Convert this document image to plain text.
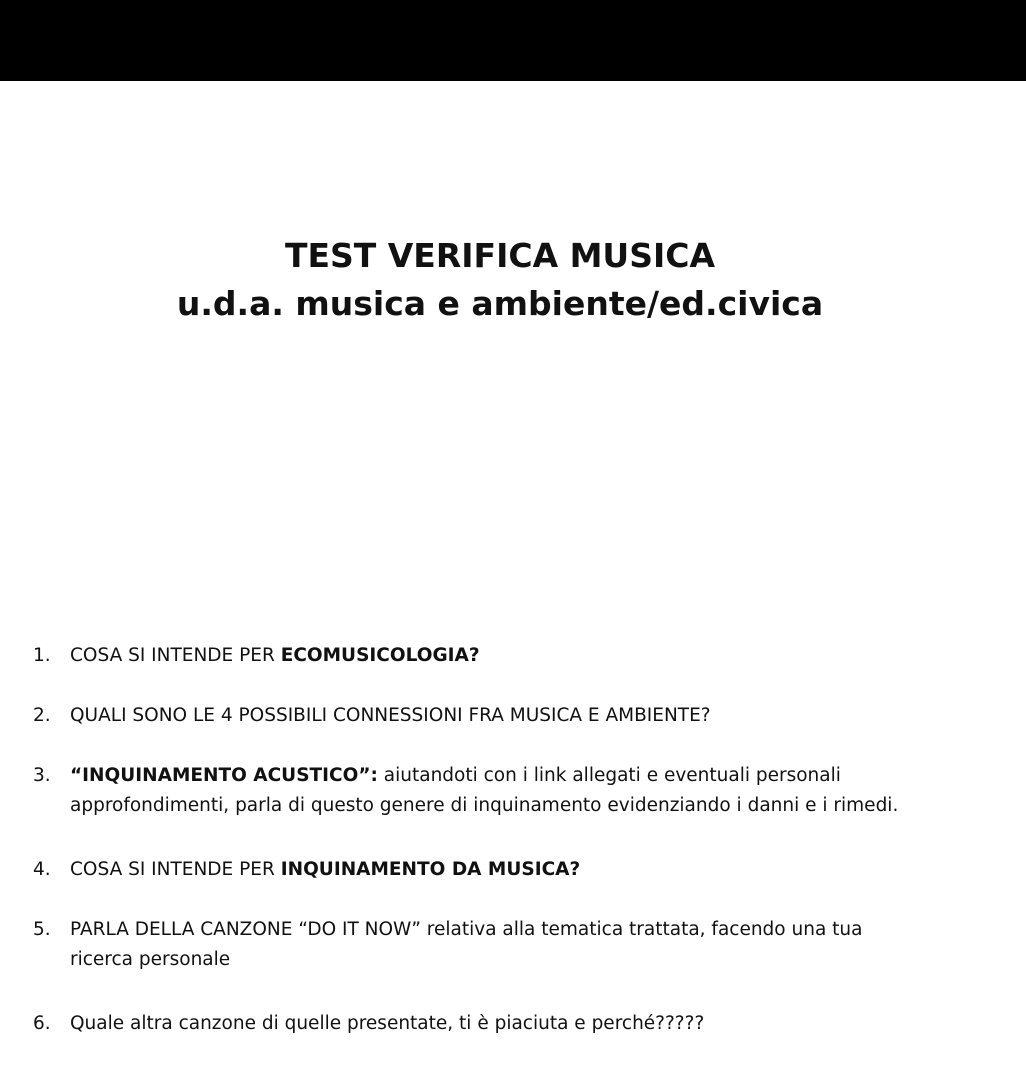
TEST VERIFICA MUSICA
u.d.a. musica e ambiente/ed.civica
1.	COSA SI INTENDE PER ECOMUSICOLOGIA?
2.	QUALI SONO LE 4 POSSIBILI CONNESSIONI FRA MUSICA E AMBIENTE?
3.	“INQUINAMENTO ACUSTICO”: aiutandoti con i link allegati e eventuali personali
approfondimenti, parla di questo genere di inquinamento evidenziando i danni e i rimedi.
4.	COSA SI INTENDE PER INQUINAMENTO DA MUSICA?
5.	PARLA DELLA CANZONE “DO IT NOW” relativa alla tematica trattata, facendo una tua
ricerca personale
6.	Quale altra canzone di quelle presentate, ti è piaciuta e perché?????
